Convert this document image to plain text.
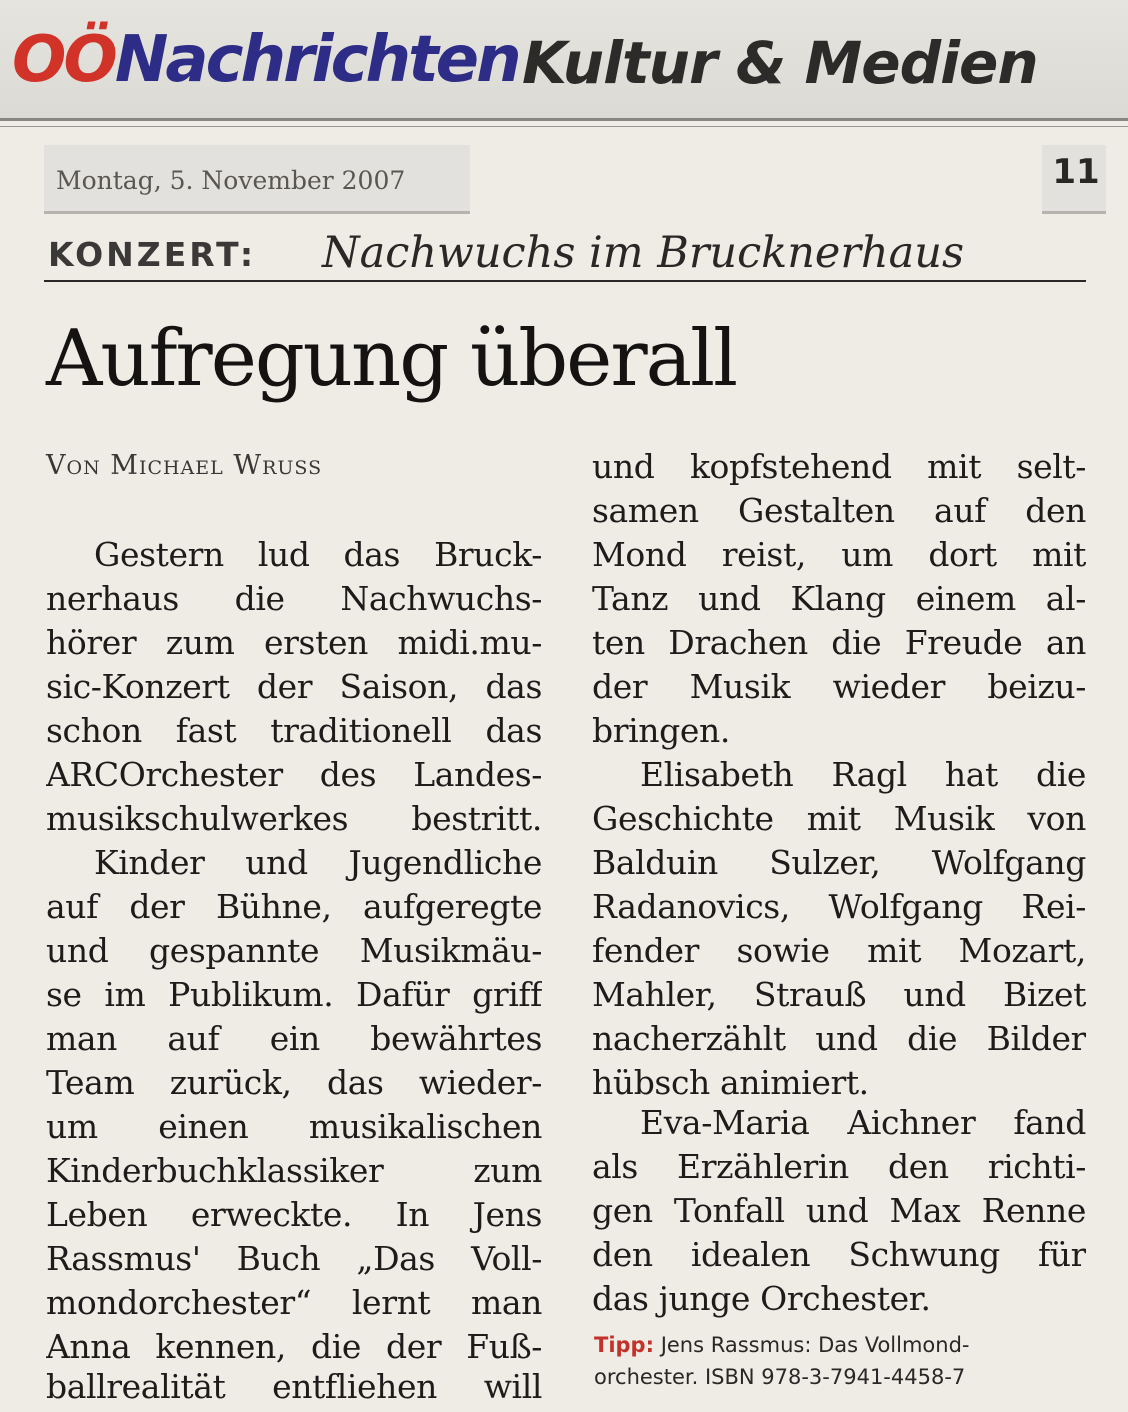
OÖNachrichten Kultur & Medien
Montag, 5. November 2007	11
KONZERT: Nachwuchs im Brucknerhaus
Aufregung überall
Von Michael Wruss
Gestern lud das Bruck-
nerhaus die Nachwuchs-
hörer zum ersten midi.mu-
sic-Konzert der Saison, das
schon fast traditionell das
ARCOrchester des Landes-
musikschulwerkes bestritt.
Kinder und Jugendliche
auf der Bühne, aufgeregte
und gespannte Musikmäu-
se im Publikum. Dafür griff
man auf ein bewährtes
Team zurück, das wieder-
um einen musikalischen
Kinderbuchklassiker zum
Leben erweckte. In Jens
Rassmus' Buch „Das Voll-
mondorchester“ lernt man
Anna kennen, die der Fuß-
ballrealität entfliehen will
und kopfstehend mit selt-
samen Gestalten auf den
Mond reist, um dort mit
Tanz und Klang einem al-
ten Drachen die Freude an
der Musik wieder beizu-
bringen.
Elisabeth Ragl hat die
Geschichte mit Musik von
Balduin Sulzer, Wolfgang
Radanovics, Wolfgang Rei-
fender sowie mit Mozart,
Mahler, Strauß und Bizet
nacherzählt und die Bilder
hübsch animiert.
Eva-Maria Aichner fand
als Erzählerin den richti-
gen Tonfall und Max Renne
den idealen Schwung für
das junge Orchester.
Tipp: Jens Rassmus: Das Vollmond-
orchester. ISBN 978-3-7941-4458-7
